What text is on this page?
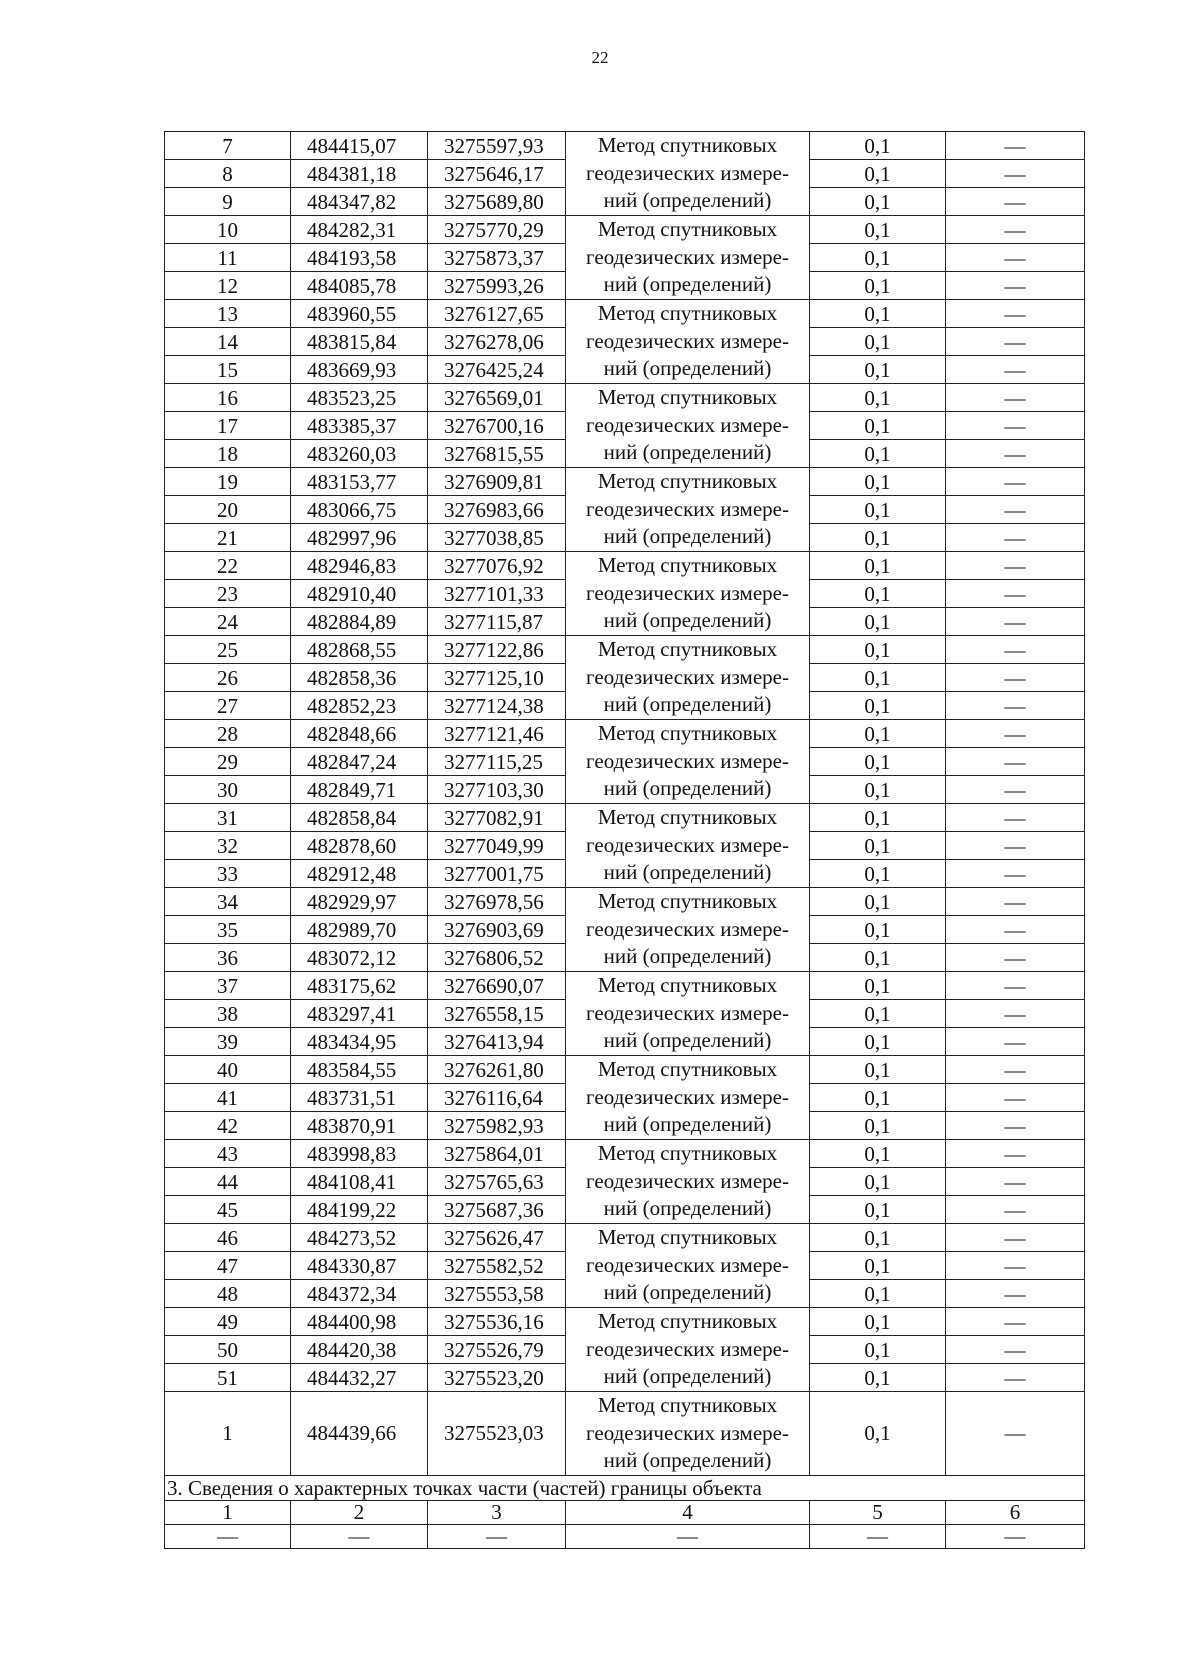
22
7	484415,07	3275597,93	Метод спутниковых
геодезических измере-
ний (определений)	0,1	—
8	484381,18	3275646,17		0,1	—
9	484347,82	3275689,80		0,1	—
10	484282,31	3275770,29	Метод спутниковых
геодезических измере-
ний (определений)	0,1	—
11	484193,58	3275873,37		0,1	—
12	484085,78	3275993,26		0,1	—
13	483960,55	3276127,65	Метод спутниковых
геодезических измере-
ний (определений)	0,1	—
14	483815,84	3276278,06		0,1	—
15	483669,93	3276425,24		0,1	—
16	483523,25	3276569,01	Метод спутниковых
геодезических измере-
ний (определений)	0,1	—
17	483385,37	3276700,16		0,1	—
18	483260,03	3276815,55		0,1	—
19	483153,77	3276909,81	Метод спутниковых
геодезических измере-
ний (определений)	0,1	—
20	483066,75	3276983,66		0,1	—
21	482997,96	3277038,85		0,1	—
22	482946,83	3277076,92	Метод спутниковых
геодезических измере-
ний (определений)	0,1	—
23	482910,40	3277101,33		0,1	—
24	482884,89	3277115,87		0,1	—
25	482868,55	3277122,86	Метод спутниковых
геодезических измере-
ний (определений)	0,1	—
26	482858,36	3277125,10		0,1	—
27	482852,23	3277124,38		0,1	—
28	482848,66	3277121,46	Метод спутниковых
геодезических измере-
ний (определений)	0,1	—
29	482847,24	3277115,25		0,1	—
30	482849,71	3277103,30		0,1	—
31	482858,84	3277082,91	Метод спутниковых
геодезических измере-
ний (определений)	0,1	—
32	482878,60	3277049,99		0,1	—
33	482912,48	3277001,75		0,1	—
34	482929,97	3276978,56	Метод спутниковых
геодезических измере-
ний (определений)	0,1	—
35	482989,70	3276903,69		0,1	—
36	483072,12	3276806,52		0,1	—
37	483175,62	3276690,07	Метод спутниковых
геодезических измере-
ний (определений)	0,1	—
38	483297,41	3276558,15		0,1	—
39	483434,95	3276413,94		0,1	—
40	483584,55	3276261,80	Метод спутниковых
геодезических измере-
ний (определений)	0,1	—
41	483731,51	3276116,64		0,1	—
42	483870,91	3275982,93		0,1	—
43	483998,83	3275864,01	Метод спутниковых
геодезических измере-
ний (определений)	0,1	—
44	484108,41	3275765,63		0,1	—
45	484199,22	3275687,36		0,1	—
46	484273,52	3275626,47	Метод спутниковых
геодезических измере-
ний (определений)	0,1	—
47	484330,87	3275582,52		0,1	—
48	484372,34	3275553,58		0,1	—
49	484400,98	3275536,16	Метод спутниковых
геодезических измере-
ний (определений)	0,1	—
50	484420,38	3275526,79		0,1	—
51	484432,27	3275523,20		0,1	—
1	484439,66	3275523,03	Метод спутниковых
геодезических измере-
ний (определений)	0,1	—
3. Сведения о характерных точках части (частей) границы объекта					
1	2	3	4	5	6
—	—	—	—	—	—
